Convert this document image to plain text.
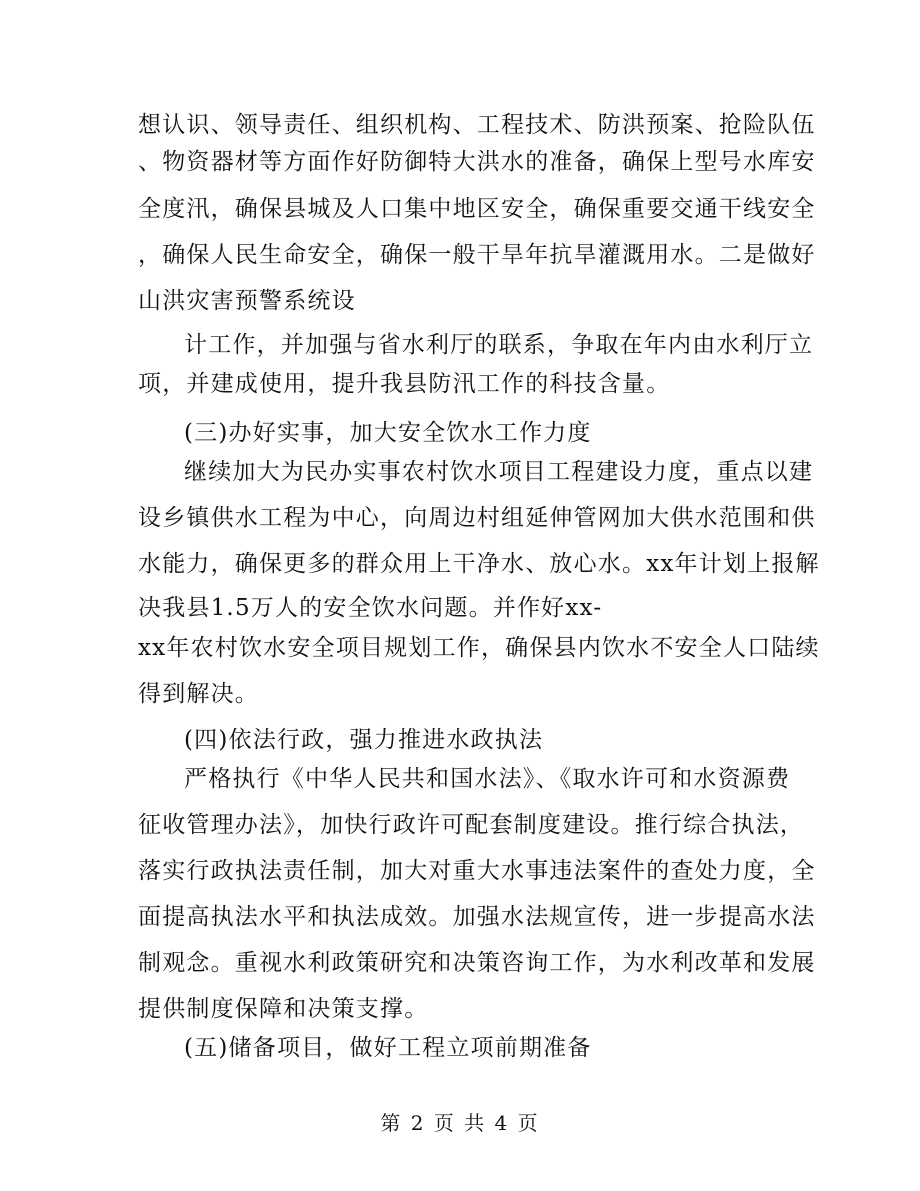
想认识、领导责任、组织机构、工程技术、防洪预案、抢险队伍
、物资器材等方面作好防御特大洪水的准备，确保上型号水库安
全度汛，确保县城及人口集中地区安全，确保重要交通干线安全
，确保人民生命安全，确保一般干旱年抗旱灌溉用水。二是做好
山洪灾害预警系统设
计工作，并加强与省水利厅的联系，争取在年内由水利厅立
项，并建成使用，提升我县防汛工作的科技含量。
(三)办好实事，加大安全饮水工作力度
继续加大为民办实事农村饮水项目工程建设力度，重点以建
设乡镇供水工程为中心，向周边村组延伸管网加大供水范围和供
水能力，确保更多的群众用上干净水、放心水。xx年计划上报解
决我县1.5万人的安全饮水问题。并作好xx-
xx年农村饮水安全项目规划工作，确保县内饮水不安全人口陆续
得到解决。
(四)依法行政，强力推进水政执法
严格执行《中华人民共和国水法》、《取水许可和水资源费
征收管理办法》，加快行政许可配套制度建设。推行综合执法，
落实行政执法责任制，加大对重大水事违法案件的查处力度，全
面提高执法水平和执法成效。加强水法规宣传，进一步提高水法
制观念。重视水利政策研究和决策咨询工作，为水利改革和发展
提供制度保障和决策支撑。
(五)储备项目，做好工程立项前期准备
第 2 页 共 4 页
